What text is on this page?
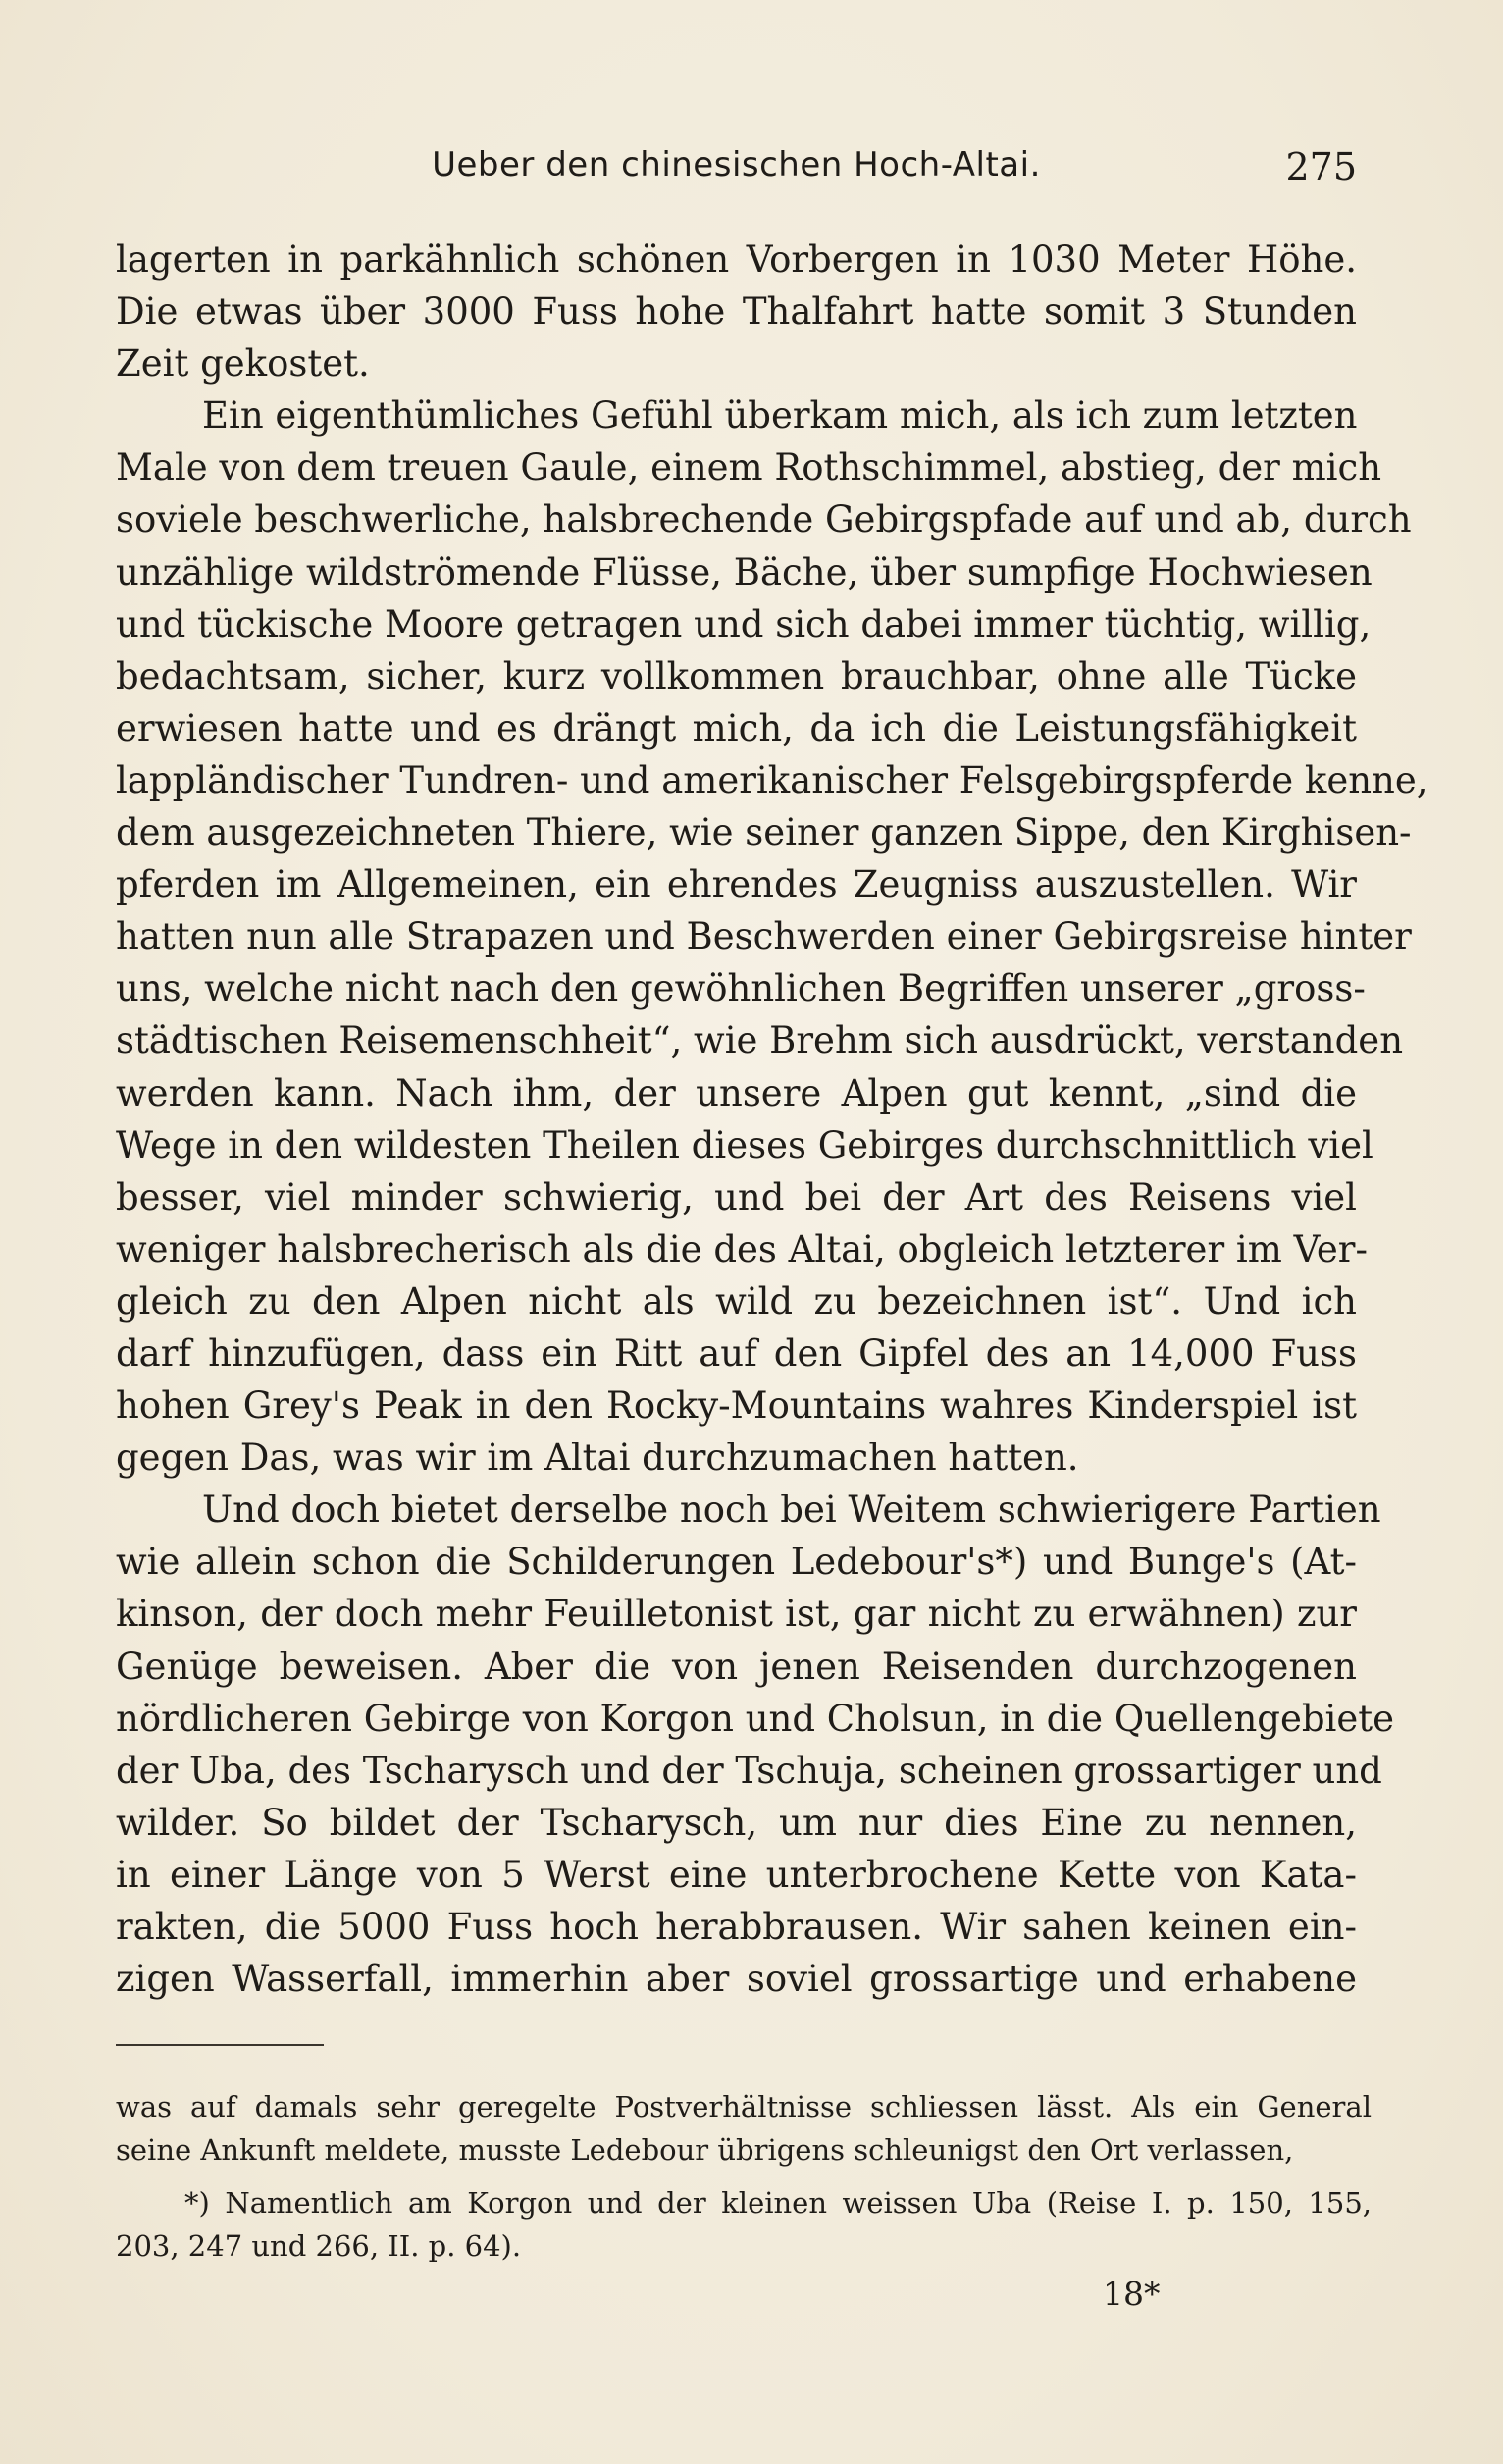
Ueber den chinesischen Hoch-Altai.	275
lagerten in parkähnlich schönen Vorbergen in 1030 Meter Höhe.
Die etwas über 3000 Fuss hohe Thalfahrt hatte somit 3 Stunden
Zeit gekostet.
Ein eigenthümliches Gefühl überkam mich, als ich zum letzten
Male von dem treuen Gaule, einem Rothschimmel, abstieg, der mich
soviele beschwerliche, halsbrechende Gebirgspfade auf und ab, durch
unzählige wildströmende Flüsse, Bäche, über sumpfige Hochwiesen
und tückische Moore getragen und sich dabei immer tüchtig, willig,
bedachtsam, sicher, kurz vollkommen brauchbar, ohne alle Tücke
erwiesen hatte und es drängt mich, da ich die Leistungsfähigkeit
lappländischer Tundren- und amerikanischer Felsgebirgspferde kenne,
dem ausgezeichneten Thiere, wie seiner ganzen Sippe, den Kirghisen-
pferden im Allgemeinen, ein ehrendes Zeugniss auszustellen. Wir
hatten nun alle Strapazen und Beschwerden einer Gebirgsreise hinter
uns, welche nicht nach den gewöhnlichen Begriffen unserer „gross-
städtischen Reisemenschheit“, wie Brehm sich ausdrückt, verstanden
werden kann. Nach ihm, der unsere Alpen gut kennt, „sind die
Wege in den wildesten Theilen dieses Gebirges durchschnittlich viel
besser, viel minder schwierig, und bei der Art des Reisens viel
weniger halsbrecherisch als die des Altai, obgleich letzterer im Ver-
gleich zu den Alpen nicht als wild zu bezeichnen ist“. Und ich
darf hinzufügen, dass ein Ritt auf den Gipfel des an 14,000 Fuss
hohen Grey's Peak in den Rocky-Mountains wahres Kinderspiel ist
gegen Das, was wir im Altai durchzumachen hatten.
Und doch bietet derselbe noch bei Weitem schwierigere Partien
wie allein schon die Schilderungen Ledebour's*) und Bunge's (At-
kinson, der doch mehr Feuilletonist ist, gar nicht zu erwähnen) zur
Genüge beweisen. Aber die von jenen Reisenden durchzogenen
nördlicheren Gebirge von Korgon und Cholsun, in die Quellengebiete
der Uba, des Tscharysch und der Tschuja, scheinen grossartiger und
wilder. So bildet der Tscharysch, um nur dies Eine zu nennen,
in einer Länge von 5 Werst eine unterbrochene Kette von Kata-
rakten, die 5000 Fuss hoch herabbrausen. Wir sahen keinen ein-
zigen Wasserfall, immerhin aber soviel grossartige und erhabene
was auf damals sehr geregelte Postverhältnisse schliessen lässt. Als ein General
seine Ankunft meldete, musste Ledebour übrigens schleunigst den Ort verlassen,
*) Namentlich am Korgon und der kleinen weissen Uba (Reise I. p. 150, 155,
203, 247 und 266, II. p. 64).
18*
